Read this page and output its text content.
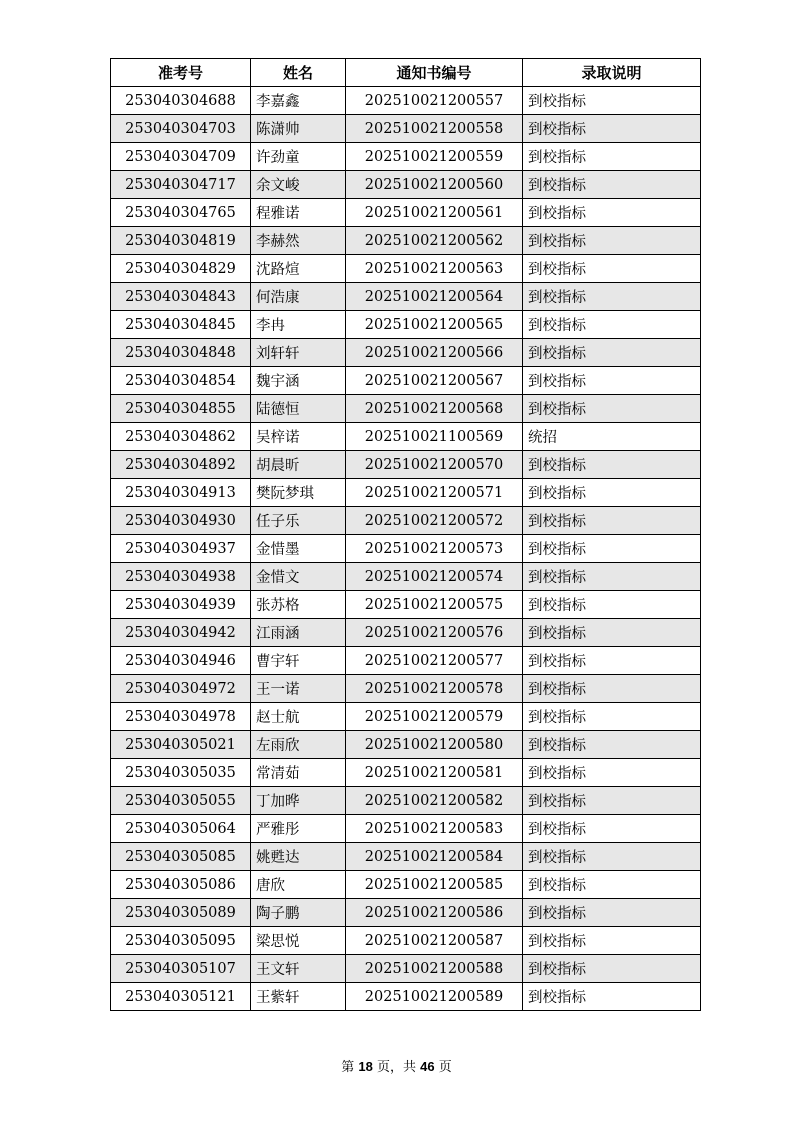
准考号	姓名	通知书编号	录取说明
253040304688	李嘉鑫	202510021200557	到校指标
253040304703	陈潇帅	202510021200558	到校指标
253040304709	许劲童	202510021200559	到校指标
253040304717	余文峻	202510021200560	到校指标
253040304765	程雅诺	202510021200561	到校指标
253040304819	李赫然	202510021200562	到校指标
253040304829	沈路煊	202510021200563	到校指标
253040304843	何浩康	202510021200564	到校指标
253040304845	李冉	202510021200565	到校指标
253040304848	刘轩轩	202510021200566	到校指标
253040304854	魏宇涵	202510021200567	到校指标
253040304855	陆德恒	202510021200568	到校指标
253040304862	吴梓诺	202510021100569	统招
253040304892	胡晨昕	202510021200570	到校指标
253040304913	樊阮梦琪	202510021200571	到校指标
253040304930	任子乐	202510021200572	到校指标
253040304937	金惜墨	202510021200573	到校指标
253040304938	金惜文	202510021200574	到校指标
253040304939	张苏格	202510021200575	到校指标
253040304942	江雨涵	202510021200576	到校指标
253040304946	曹宇轩	202510021200577	到校指标
253040304972	王一诺	202510021200578	到校指标
253040304978	赵士航	202510021200579	到校指标
253040305021	左雨欣	202510021200580	到校指标
253040305035	常清茹	202510021200581	到校指标
253040305055	丁加晔	202510021200582	到校指标
253040305064	严雅彤	202510021200583	到校指标
253040305085	姚甦达	202510021200584	到校指标
253040305086	唐欣	202510021200585	到校指标
253040305089	陶子鹏	202510021200586	到校指标
253040305095	梁思悦	202510021200587	到校指标
253040305107	王文轩	202510021200588	到校指标
253040305121	王紫轩	202510021200589	到校指标
第 18 页，共 46 页
